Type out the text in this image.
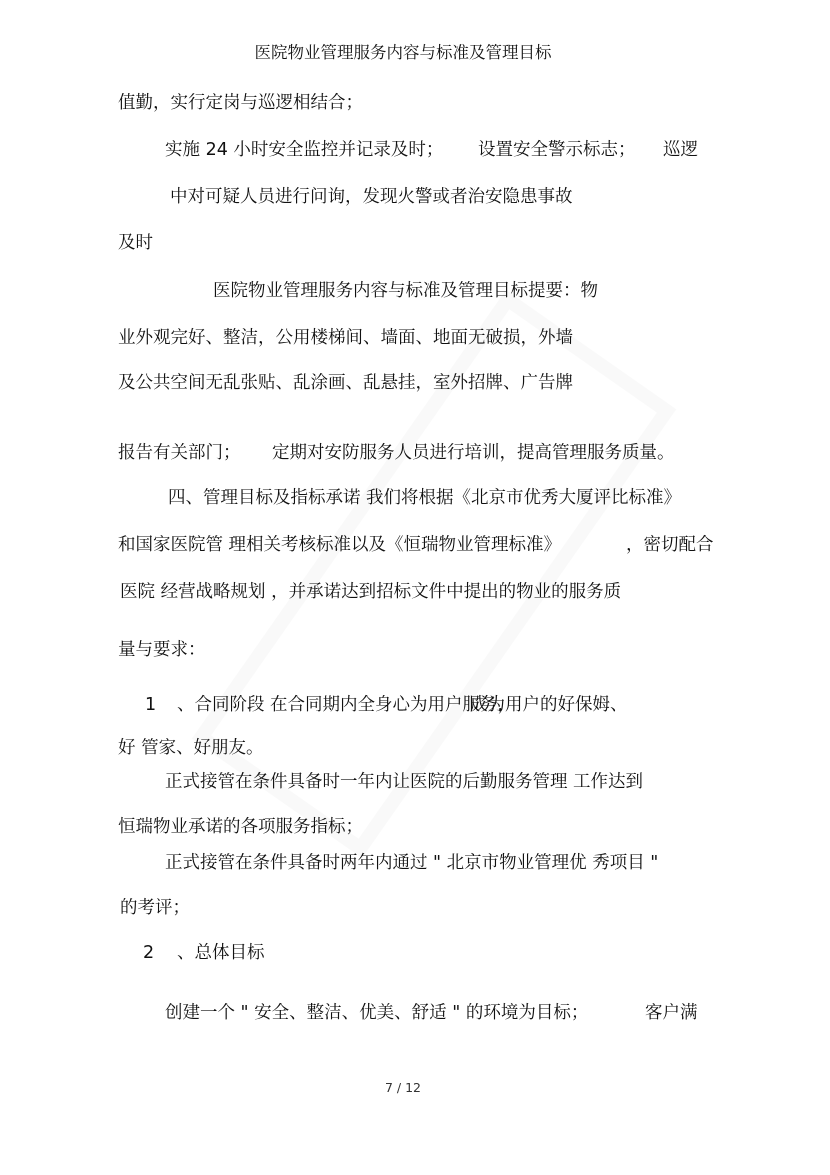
医院物业管理服务内容与标准及管理目标
值勤，实行定岗与巡逻相结合；
实施 24 小时安全监控并记录及时； 设置安全警示标志； 巡逻
中对可疑人员进行问询，发现火警或者治安隐患事故
及时
医院物业管理服务内容与标准及管理目标提要：物
业外观完好、整洁，公用楼梯间、墙面、地面无破损，外墙
及公共空间无乱张贴、乱涂画、乱悬挂，室外招牌、广告牌
报告有关部门； 定期对安防服务人员进行培训，提高管理服务质量。
四、管理目标及指标承诺 我们将根据《北京市优秀大厦评比标准》
和国家医院管 理相关考核标准以及《恒瑞物业管理标准》	，密切配合
医院 经营战略规划 ，并承诺达到招标文件中提出的物业的服务质
量与要求：
1 、合同阶段 在合同期内全身心为用户服务，
成为用户的好保姆、
好 管家、好朋友。
正式接管在条件具备时一年内让医院的后勤服务管理 工作达到
恒瑞物业承诺的各项服务指标；
正式接管在条件具备时两年内通过 " 北京市物业管理优 秀项目 "
的考评；
2 、总体目标
创建一个 " 安全、整洁、优美、舒适 " 的环境为目标；	客户满
7 / 12
